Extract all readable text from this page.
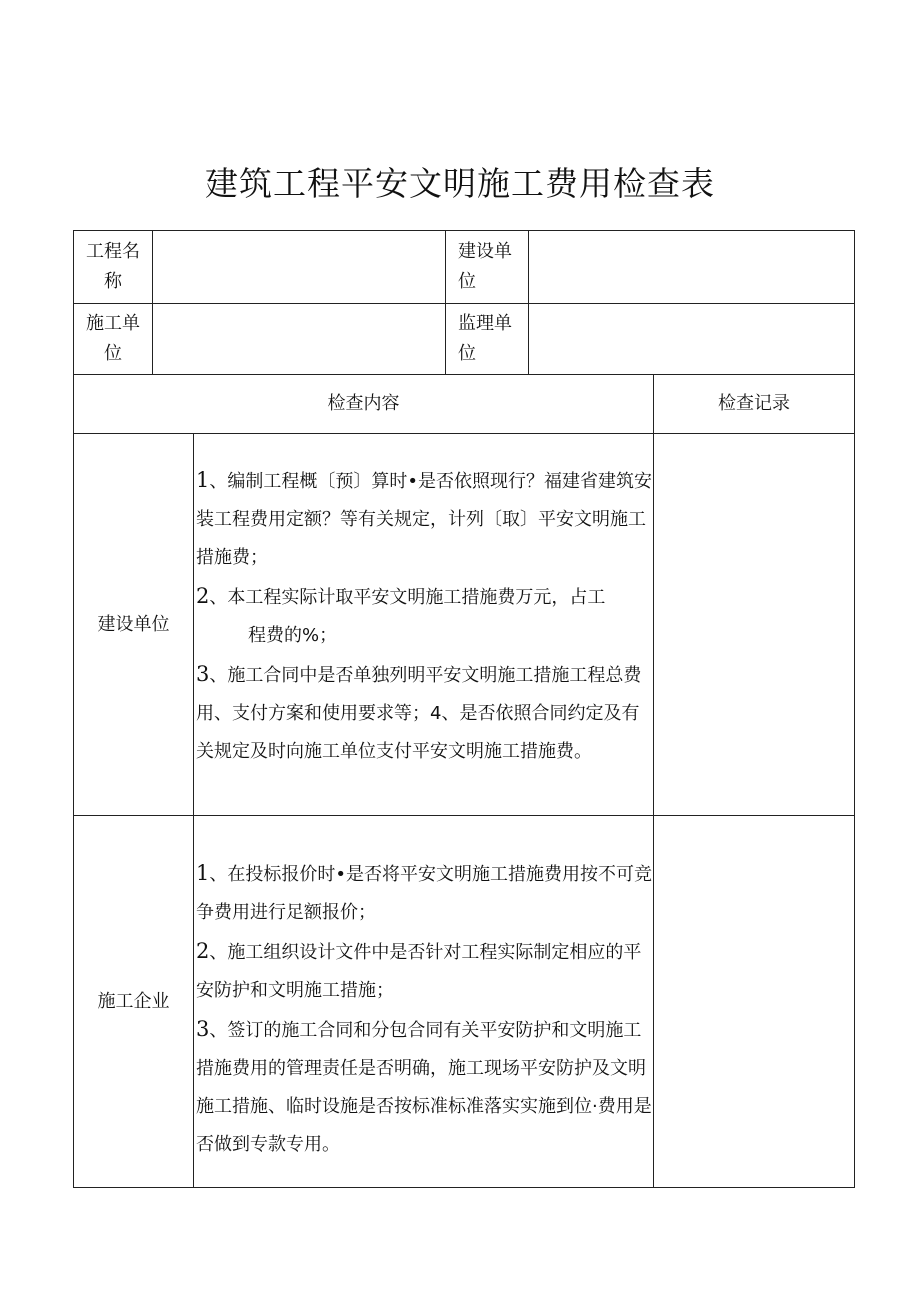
建筑工程平安文明施工费用检查表
工程名称
建设单位
施工单位
监理单位
检查内容	检查记录
建设单位

1、编制工程概〔预〕算时•是否依照现行？福建省建筑安装工程费用定额？等有关规定，计列〔取〕平安文明施工措施费；

2、本工程实际计取平安文明施工措施费万元，占工

程费的%；

3、施工合同中是否单独列明平安文明施工措施工程总费用、支付方案和使用要求等；4、是否依照合同约定及有关规定及时向施工单位支付平安文明施工措施费。

施工企业

1、在投标报价时•是否将平安文明施工措施费用按不可竞争费用进行足额报价；

2、施工组织设计文件中是否针对工程实际制定相应的平安防护和文明施工措施；

3、签订的施工合同和分包合同有关平安防护和文明施工措施费用的管理责任是否明确，施工现场平安防护及文明施工措施、临时设施是否按标准标准落实实施到位·费用是否做到专款专用。
